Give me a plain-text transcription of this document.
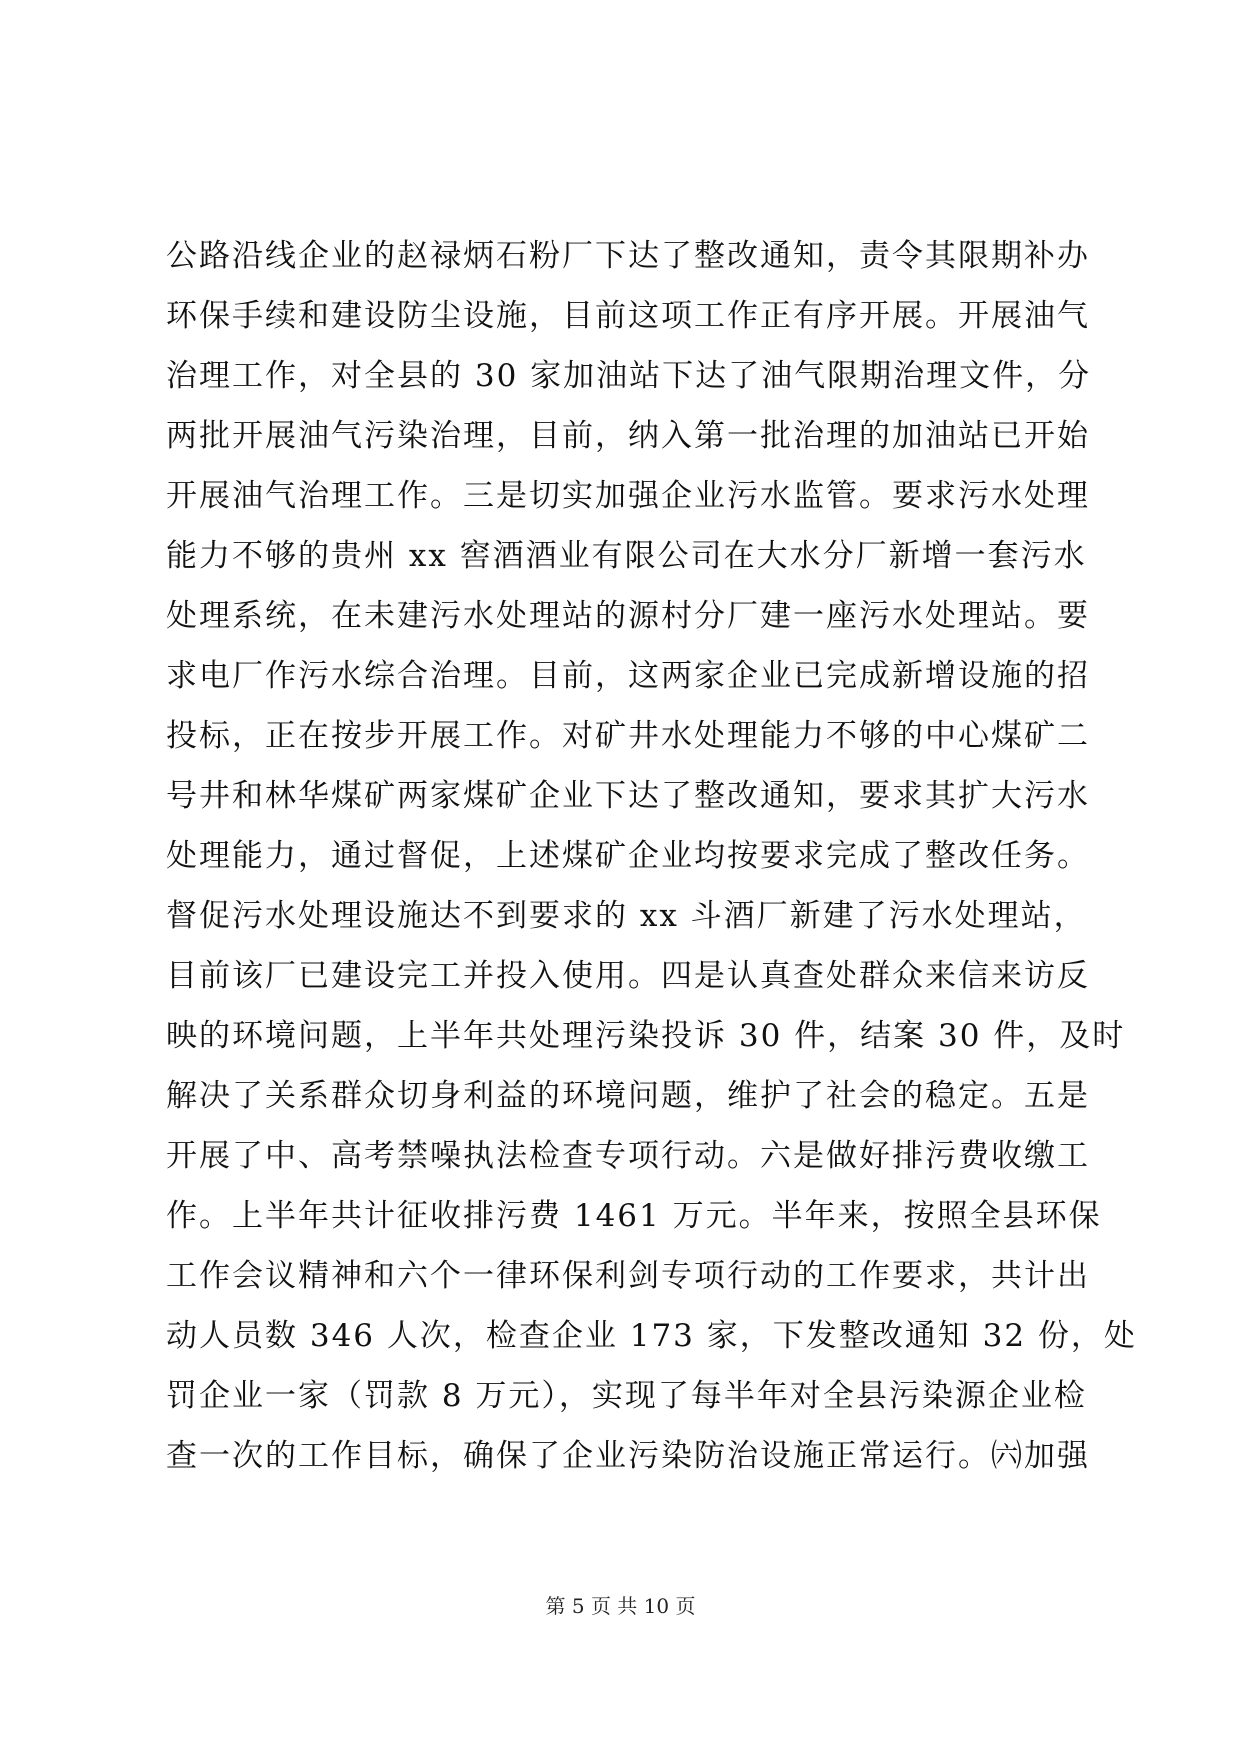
公路沿线企业的赵禄炳石粉厂下达了整改通知，责令其限期补办
环保手续和建设防尘设施，目前这项工作正有序开展。开展油气
治理工作，对全县的 30 家加油站下达了油气限期治理文件，分
两批开展油气污染治理，目前，纳入第一批治理的加油站已开始
开展油气治理工作。三是切实加强企业污水监管。要求污水处理
能力不够的贵州 xx 窖酒酒业有限公司在大水分厂新增一套污水
处理系统，在未建污水处理站的源村分厂建一座污水处理站。要
求电厂作污水综合治理。目前，这两家企业已完成新增设施的招
投标，正在按步开展工作。对矿井水处理能力不够的中心煤矿二
号井和林华煤矿两家煤矿企业下达了整改通知，要求其扩大污水
处理能力，通过督促，上述煤矿企业均按要求完成了整改任务。
督促污水处理设施达不到要求的 xx 斗酒厂新建了污水处理站，
目前该厂已建设完工并投入使用。四是认真查处群众来信来访反
映的环境问题，上半年共处理污染投诉 30 件，结案 30 件，及时
解决了关系群众切身利益的环境问题，维护了社会的稳定。五是
开展了中、高考禁噪执法检查专项行动。六是做好排污费收缴工
作。上半年共计征收排污费 1461 万元。半年来，按照全县环保
工作会议精神和六个一律环保利剑专项行动的工作要求，共计出
动人员数 346 人次，检查企业 173 家，下发整改通知 32 份，处
罚企业一家（罚款 8 万元），实现了每半年对全县污染源企业检
查一次的工作目标，确保了企业污染防治设施正常运行。㈥加强
第 5 页 共 10 页
